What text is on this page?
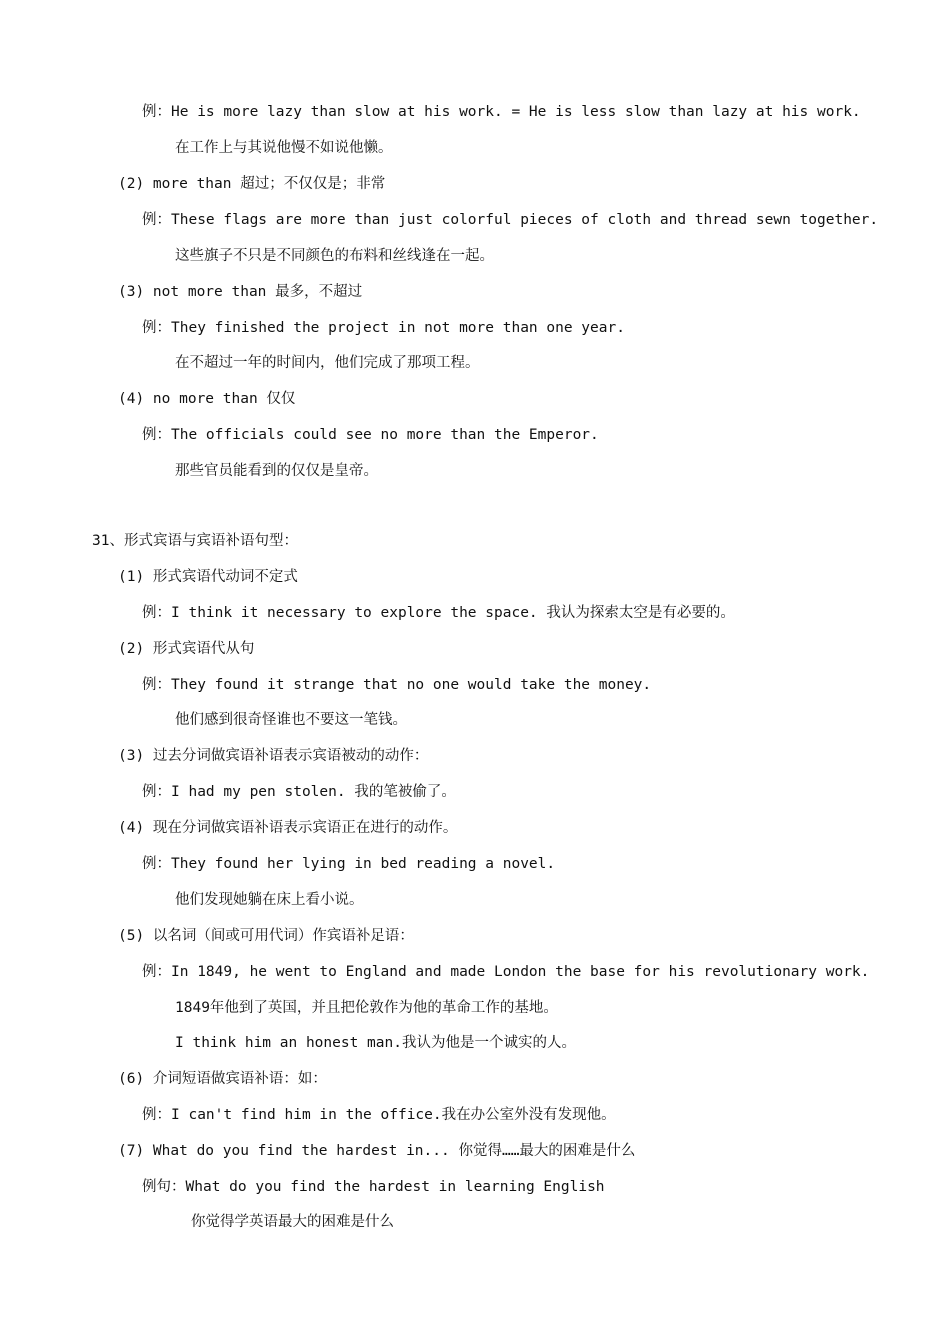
例：He is more lazy than slow at his work. = He is less slow than lazy at his work.
在工作上与其说他慢不如说他懒。
(2) more than 超过；不仅仅是；非常
例：These flags are more than just colorful pieces of cloth and thread sewn together.
这些旗子不只是不同颜色的布料和丝线逢在一起。
(3) not more than 最多，不超过
例：They finished the project in not more than one year.
在不超过一年的时间内，他们完成了那项工程。
(4) no more than 仅仅
例：The officials could see no more than the Emperor.
那些官员能看到的仅仅是皇帝。
31、形式宾语与宾语补语句型：
(1) 形式宾语代动词不定式
例：I think it necessary to explore the space. 我认为探索太空是有必要的。
(2) 形式宾语代从句
例：They found it strange that no one would take the money.
他们感到很奇怪谁也不要这一笔钱。
(3) 过去分词做宾语补语表示宾语被动的动作：
例：I had my pen stolen. 我的笔被偷了。
(4) 现在分词做宾语补语表示宾语正在进行的动作。
例：They found her lying in bed reading a novel.
他们发现她躺在床上看小说。
(5) 以名词（间或可用代词）作宾语补足语：
例：In 1849, he went to England and made London the base for his revolutionary work.
1849年他到了英国，并且把伦敦作为他的革命工作的基地。
I think him an honest man.我认为他是一个诚实的人。
(6) 介词短语做宾语补语：如：
例：I can't find him in the office.我在办公室外没有发现他。
(7) What do you find the hardest in... 你觉得……最大的困难是什么
例句：What do you find the hardest in learning English
你觉得学英语最大的困难是什么
